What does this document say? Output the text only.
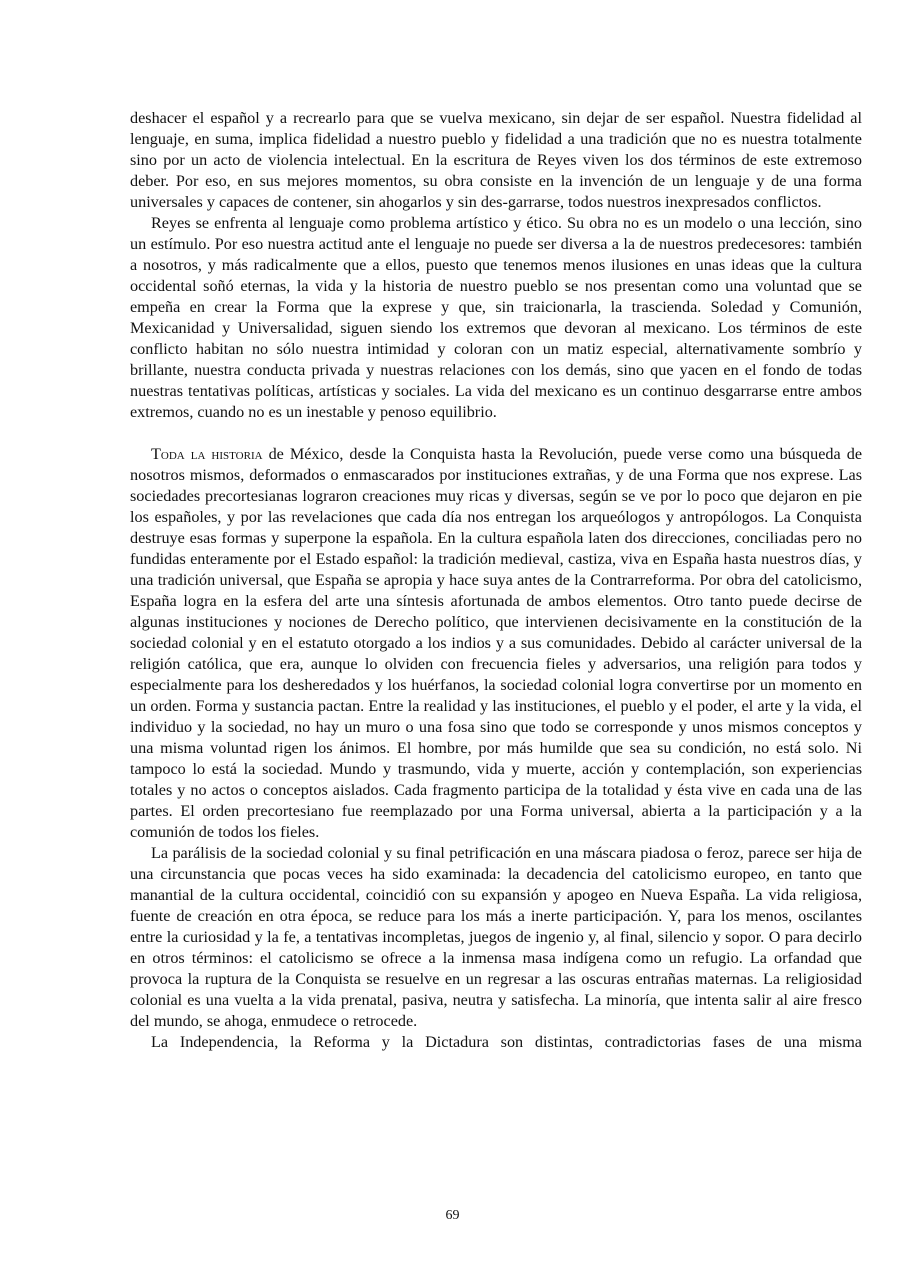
deshacer el español y a recrearlo para que se vuelva mexicano, sin dejar de ser español. Nuestra fidelidad al lenguaje, en suma, implica fidelidad a nuestro pueblo y fidelidad a una tradición que no es nuestra totalmente sino por un acto de violencia intelectual. En la escritura de Reyes viven los dos términos de este extremoso deber. Por eso, en sus mejores momentos, su obra consiste en la invención de un lenguaje y de una forma universales y capaces de contener, sin ahogarlos y sin des-garrarse, todos nuestros inexpresados conflictos.

Reyes se enfrenta al lenguaje como problema artístico y ético. Su obra no es un modelo o una lección, sino un estímulo. Por eso nuestra actitud ante el lenguaje no puede ser diversa a la de nuestros predecesores: también a nosotros, y más radicalmente que a ellos, puesto que tenemos menos ilusiones en unas ideas que la cultura occidental soñó eternas, la vida y la historia de nuestro pueblo se nos presentan como una voluntad que se empeña en crear la Forma que la exprese y que, sin traicionarla, la trascienda. Soledad y Comunión, Mexicanidad y Universalidad, siguen siendo los extremos que devoran al mexicano. Los términos de este conflicto habitan no sólo nuestra intimidad y coloran con un matiz especial, alternativamente sombrío y brillante, nuestra conducta privada y nuestras relaciones con los demás, sino que yacen en el fondo de todas nuestras tentativas políticas, artísticas y sociales. La vida del mexicano es un continuo desgarrarse entre ambos extremos, cuando no es un inestable y penoso equilibrio.

Toda la historia de México, desde la Conquista hasta la Revolución, puede verse como una búsqueda de nosotros mismos, deformados o enmascarados por instituciones extrañas, y de una Forma que nos exprese. Las sociedades precortesianas lograron creaciones muy ricas y diversas, según se ve por lo poco que dejaron en pie los españoles, y por las revelaciones que cada día nos entregan los arqueólogos y antropólogos. La Conquista destruye esas formas y superpone la española. En la cultura española laten dos direcciones, conciliadas pero no fundidas enteramente por el Estado español: la tradición medieval, castiza, viva en España hasta nuestros días, y una tradición universal, que España se apropia y hace suya antes de la Contrarreforma. Por obra del catolicismo, España logra en la esfera del arte una síntesis afortunada de ambos elementos. Otro tanto puede decirse de algunas instituciones y nociones de Derecho político, que intervienen decisivamente en la constitución de la sociedad colonial y en el estatuto otorgado a los indios y a sus comunidades. Debido al carácter universal de la religión católica, que era, aunque lo olviden con frecuencia fieles y adversarios, una religión para todos y especialmente para los desheredados y los huérfanos, la sociedad colonial logra convertirse por un momento en un orden. Forma y sustancia pactan. Entre la realidad y las instituciones, el pueblo y el poder, el arte y la vida, el individuo y la sociedad, no hay un muro o una fosa sino que todo se corresponde y unos mismos conceptos y una misma voluntad rigen los ánimos. El hombre, por más humilde que sea su condición, no está solo. Ni tampoco lo está la sociedad. Mundo y trasmundo, vida y muerte, acción y contemplación, son experiencias totales y no actos o conceptos aislados. Cada fragmento participa de la totalidad y ésta vive en cada una de las partes. El orden precortesiano fue reemplazado por una Forma universal, abierta a la participación y a la comunión de todos los fieles.

La parálisis de la sociedad colonial y su final petrificación en una máscara piadosa o feroz, parece ser hija de una circunstancia que pocas veces ha sido examinada: la decadencia del catolicismo europeo, en tanto que manantial de la cultura occidental, coincidió con su expansión y apogeo en Nueva España. La vida religiosa, fuente de creación en otra época, se reduce para los más a inerte participación. Y, para los menos, oscilantes entre la curiosidad y la fe, a tentativas incompletas, juegos de ingenio y, al final, silencio y sopor. O para decirlo en otros términos: el catolicismo se ofrece a la inmensa masa indígena como un refugio. La orfandad que provoca la ruptura de la Conquista se resuelve en un regresar a las oscuras entrañas maternas. La religiosidad colonial es una vuelta a la vida prenatal, pasiva, neutra y satisfecha. La minoría, que intenta salir al aire fresco del mundo, se ahoga, enmudece o retrocede.

La Independencia, la Reforma y la Dictadura son distintas, contradictorias fases de una misma

69
